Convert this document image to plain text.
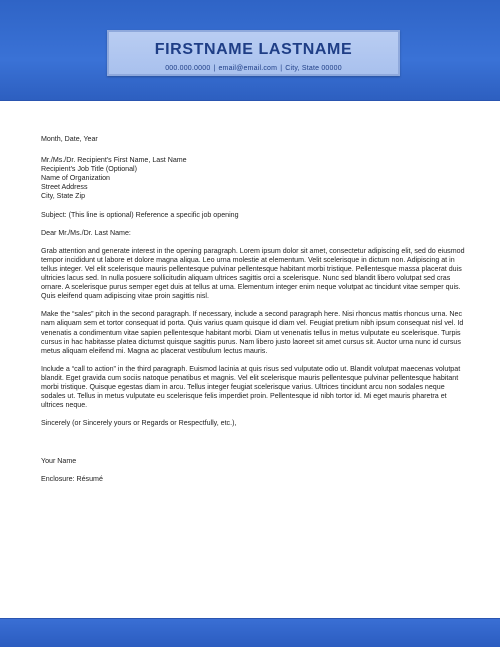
FIRSTNAME LASTNAME
000.000.0000 | email@email.com | City, State 00000

Month, Date, Year

Mr./Ms./Dr. Recipient's First Name, Last Name

Recipient's Job Title (Optional)

Name of Organization

Street Address

City, State Zip

Subject: (This line is optional) Reference a specific job opening

Dear Mr./Ms./Dr. Last Name:

Grab attention and generate interest in the opening paragraph. Lorem ipsum dolor sit amet, consectetur adipiscing elit, sed do eiusmod tempor incididunt ut labore et dolore magna aliqua. Leo urna molestie at elementum. Velit scelerisque in dictum non. Adipiscing at in tellus integer. Vel elit scelerisque mauris pellentesque pulvinar pellentesque habitant morbi tristique. Pellentesque massa placerat duis ultricies lacus sed. In nulla posuere sollicitudin aliquam ultrices sagittis orci a scelerisque. Nunc sed blandit libero volutpat sed cras ornare. A scelerisque purus semper eget duis at tellus at urna. Elementum integer enim neque volutpat ac tincidunt vitae semper quis. Quis eleifend quam adipiscing vitae proin sagittis nisl.

Make the “sales” pitch in the second paragraph. If necessary, include a second paragraph here. Nisi rhoncus mattis rhoncus urna. Nec nam aliquam sem et tortor consequat id porta. Quis varius quam quisque id diam vel. Feugiat pretium nibh ipsum consequat nisl vel. Id venenatis a condimentum vitae sapien pellentesque habitant morbi. Diam ut venenatis tellus in metus vulputate eu scelerisque. Turpis cursus in hac habitasse platea dictumst quisque sagittis purus. Nam libero justo laoreet sit amet cursus sit. Auctor urna nunc id cursus metus aliquam eleifend mi. Magna ac placerat vestibulum lectus mauris.

Include a “call to action” in the third paragraph. Euismod lacinia at quis risus sed vulputate odio ut. Blandit volutpat maecenas volutpat blandit. Eget gravida cum sociis natoque penatibus et magnis. Vel elit scelerisque mauris pellentesque pulvinar pellentesque habitant morbi tristique. Quisque egestas diam in arcu. Tellus integer feugiat scelerisque varius. Ultrices tincidunt arcu non sodales neque sodales ut. Tellus in metus vulputate eu scelerisque felis imperdiet proin. Pellentesque id nibh tortor id. Mi eget mauris pharetra et ultrices neque.

Sincerely (or Sincerely yours or Regards or Respectfully, etc.),

Your Name

Enclosure: Résumé
